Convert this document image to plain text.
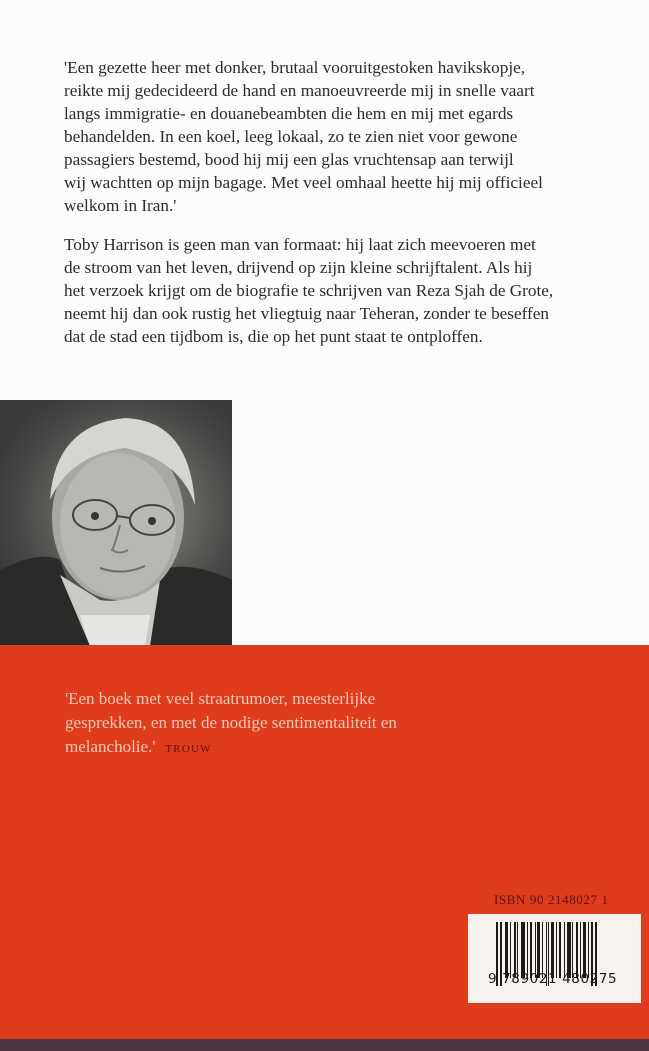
'Een gezette heer met donker, brutaal vooruitgestoken havikskopje,
reikte mij gedecideerd de hand en manoeuvreerde mij in snelle vaart
langs immigratie- en douanebeambten die hem en mij met egards
behandelden. In een koel, leeg lokaal, zo te zien niet voor gewone
passagiers bestemd, bood hij mij een glas vruchtensap aan terwijl
wij wachtten op mijn bagage. Met veel omhaal heette hij mij officieel
welkom in Iran.'

Toby Harrison is geen man van formaat: hij laat zich meevoeren met
de stroom van het leven, drijvend op zijn kleine schrijftalent. Als hij
het verzoek krijgt om de biografie te schrijven van Reza Sjah de Grote,
neemt hij dan ook rustig het vliegtuig naar Teheran, zonder te beseffen
dat de stad een tijdbom is, die op het punt staat te ontploffen.

'Een boek met veel straatrumoer, meesterlijke
gesprekken, en met de nodige sentimentaliteit en
melancholie.' TROUW

ISBN 90 2148027 1
9 789021 480275
